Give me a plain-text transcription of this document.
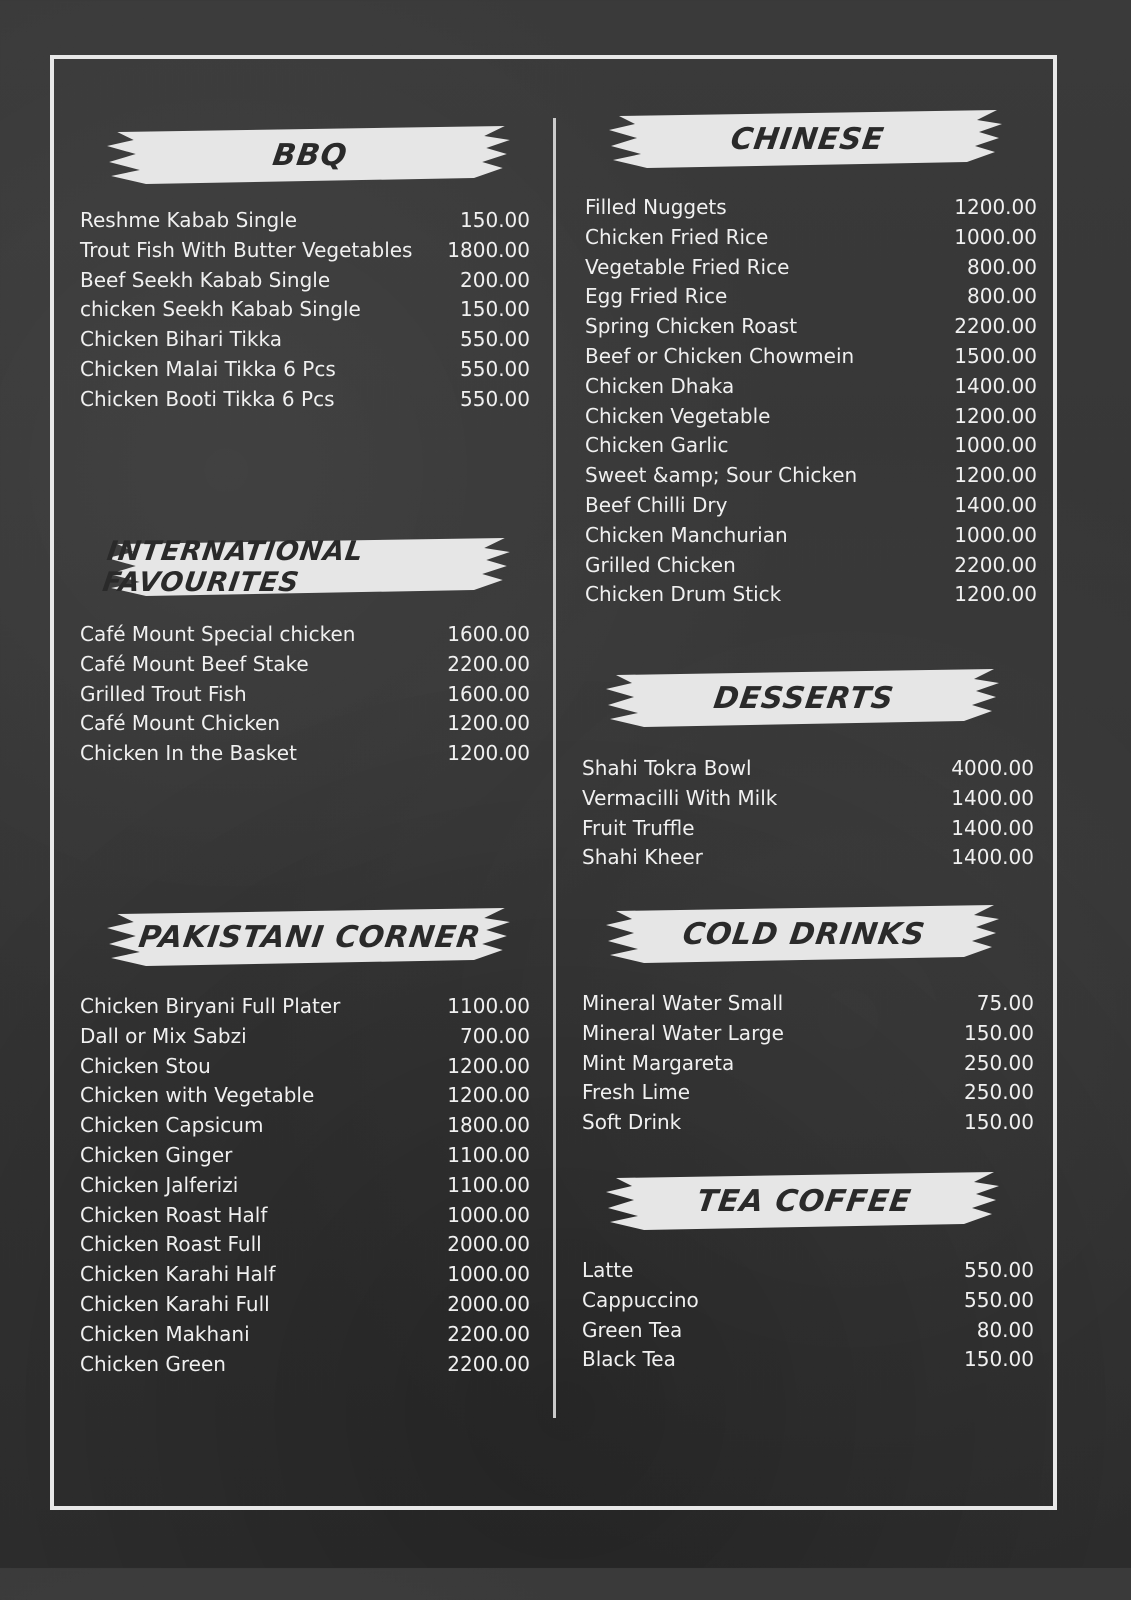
BBQ
Reshme Kabab Single	150.00
Trout Fish With Butter Vegetables 1800.00
Beef Seekh Kabab Single	200.00
chicken Seekh Kabab Single	150.00
Chicken Bihari Tikka	550.00
Chicken Malai Tikka 6 Pcs	550.00
Chicken Booti Tikka 6 Pcs	550.00
INTERNATIONAL FAVOURITES
Café Mount Special chicken	1600.00
Café Mount Beef Stake	2200.00
Grilled Trout Fish	1600.00
Café Mount Chicken	1200.00
Chicken In the Basket	1200.00
PAKISTANI CORNER
Chicken Biryani Full Plater	1100.00
Dall or Mix Sabzi	700.00
Chicken Stou	1200.00
Chicken with Vegetable	1200.00
Chicken Capsicum	1800.00
Chicken Ginger	1100.00
Chicken Jalferizi	1100.00
Chicken Roast Half	1000.00
Chicken Roast Full	2000.00
Chicken Karahi Half	1000.00
Chicken Karahi Full	2000.00
Chicken Makhani	2200.00
Chicken Green	2200.00
CHINESE
Filled Nuggets	1200.00
Chicken Fried Rice	1000.00
Vegetable Fried Rice	800.00
Egg Fried Rice	800.00
Spring Chicken Roast	2200.00
Beef or Chicken Chowmein	1500.00
Chicken Dhaka	1400.00
Chicken Vegetable	1200.00
Chicken Garlic	1000.00
Sweet &amp; Sour Chicken	1200.00
Beef Chilli Dry	1400.00
Chicken Manchurian	1000.00
Grilled Chicken	2200.00
Chicken Drum Stick	1200.00
DESSERTS
Shahi Tokra Bowl	4000.00
Vermacilli With Milk	1400.00
Fruit Truffle	1400.00
Shahi Kheer	1400.00
COLD DRINKS
Mineral Water Small	75.00
Mineral Water Large	150.00
Mint Margareta	250.00
Fresh Lime	250.00
Soft Drink	150.00
TEA COFFEE
Latte	550.00
Cappuccino	550.00
Green Tea	80.00
Black Tea	150.00
